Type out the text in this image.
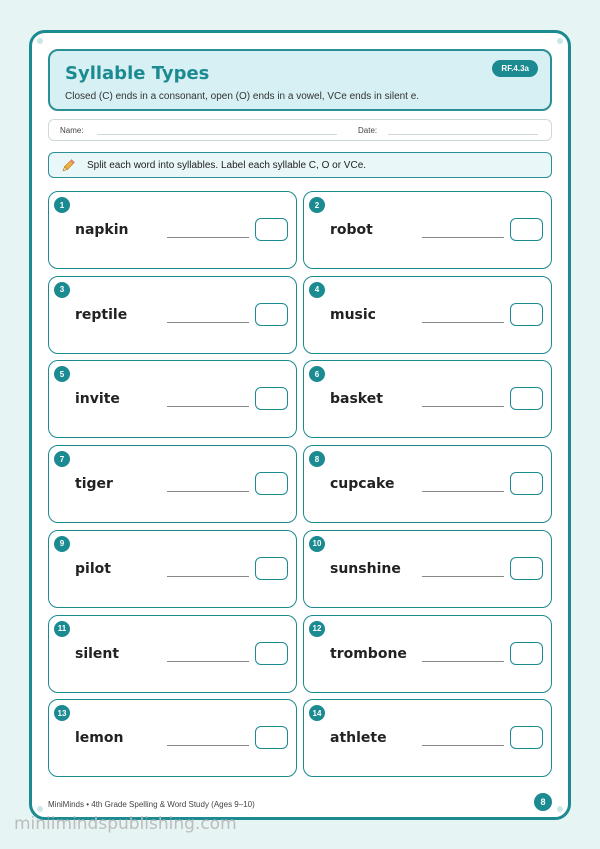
Syllable Types	RF.4.3a
Closed (C) ends in a consonant, open (O) ends in a vowel, VCe ends in silent e.
Name:	Date:
Split each word into syllables. Label each syllable C, O or VCe.
1
napkin
2
robot
3
reptile
4
music
5
invite
6
basket
7
tiger
8
cupcake
9
pilot
10
sunshine
11
silent
12
trombone
13
lemon
14
athlete
MiniMinds • 4th Grade Spelling & Word Study (Ages 9–10)	8
miniimindspublishing.com
